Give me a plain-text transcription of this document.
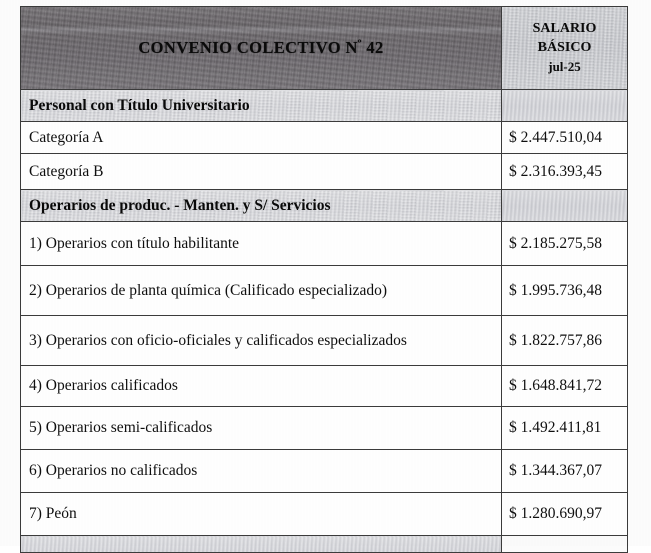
CONVENIO COLECTIVO $N^º$ 42	SALARIO
BÁSICO
jul-25

Personal con Título Universitario	

Categoría A	$ 2.447.510,04

Categoría B	$ 2.316.393,45

Operarios de produc. - Manten. y S/ Servicios	

1) Operarios con título habilitante	$ 2.185.275,58

2) Operarios de planta química (Calificado especializado)	$ 1.995.736,48

3) Operarios con oficio-oficiales y calificados especializados	$ 1.822.757,86

4) Operarios calificados	$ 1.648.841,72

5) Operarios semi-calificados	$ 1.492.411,81

6) Operarios no calificados	$ 1.344.367,07

7) Peón	$ 1.280.690,97
